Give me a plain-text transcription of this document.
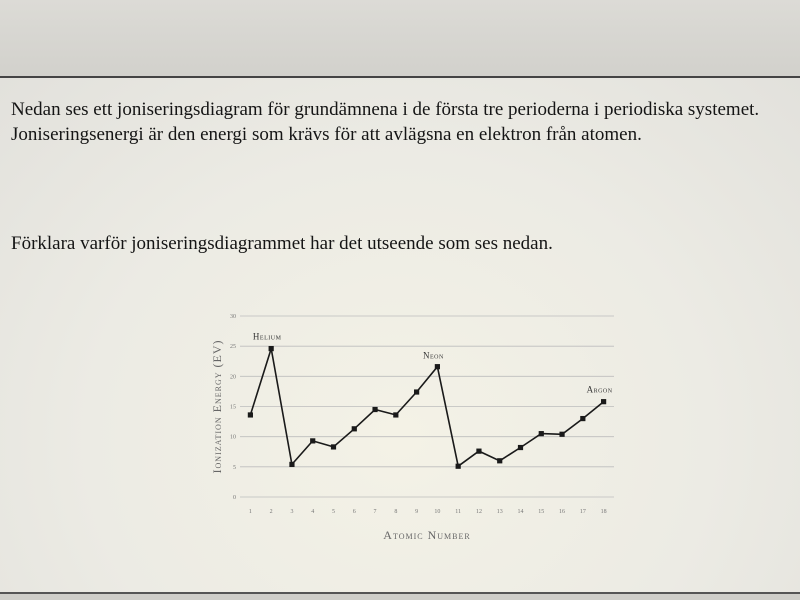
Nedan ses ett joniseringsdiagram för grundämnena i de första tre perioderna i periodiska systemet. Joniseringsenergi är den energi som krävs för att avlägsna en elektron från atomen.

Förklara varför joniseringsdiagrammet har det utseende som ses nedan.

0
5
10
15
20
25
30
1	2	3	4	5	6	7	8	9	10 11 12 13 14 15 16 17 18
Helium
Neon
Argon
Atomic Number
Ionization Energy (EV)
